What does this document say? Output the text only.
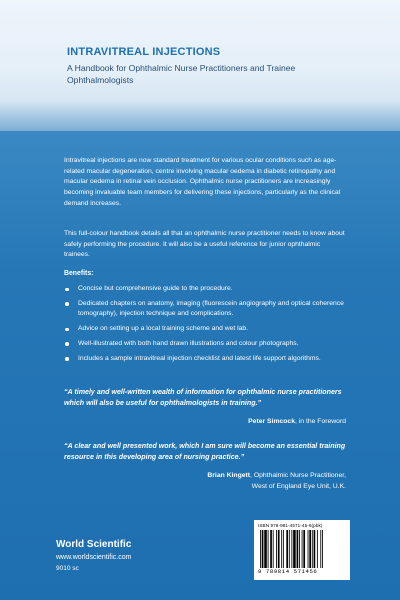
INTRAVITREAL INJECTIONS

A Handbook for Ophthalmic Nurse Practitioners and Trainee Ophthalmologists

Intravitreal injections are now standard treatment for various ocular conditions such as age-related macular degeneration, centre involving macular oedema in diabetic retinopathy and macular oedema in retinal vein occlusion. Ophthalmic nurse practitioners are increasingly becoming invaluable team members for delivering these injections, particularly as the clinical demand increases.

This full-colour handbook details all that an ophthalmic nurse practitioner needs to know about safely performing the procedure. It will also be a useful reference for junior ophthalmic trainees.

Benefits:

Concise but comprehensive guide to the procedure.
Dedicated chapters on anatomy, imaging (fluorescein angiography and optical coherence tomography), injection technique and complications.
Advice on setting up a local training scheme and wet lab.
Well-illustrated with both hand drawn illustrations and colour photographs.
Includes a sample intravitreal injection checklist and latest life support algorithms.

“A timely and well-written wealth of information for ophthalmic nurse practitioners which will also be useful for ophthalmologists in training.”

Peter Simcock, in the Foreword

“A clear and well presented work, which I am sure will become an essential training resource in this developing area of nursing practice.”

Brian Kingett, Ophthalmic Nurse Practitioner,
West of England Eye Unit, U.K.

World Scientific

www.worldscientific.com

9010 sc

ISBN 978-981-4571-45-6(pbk)

9 789814 571456
